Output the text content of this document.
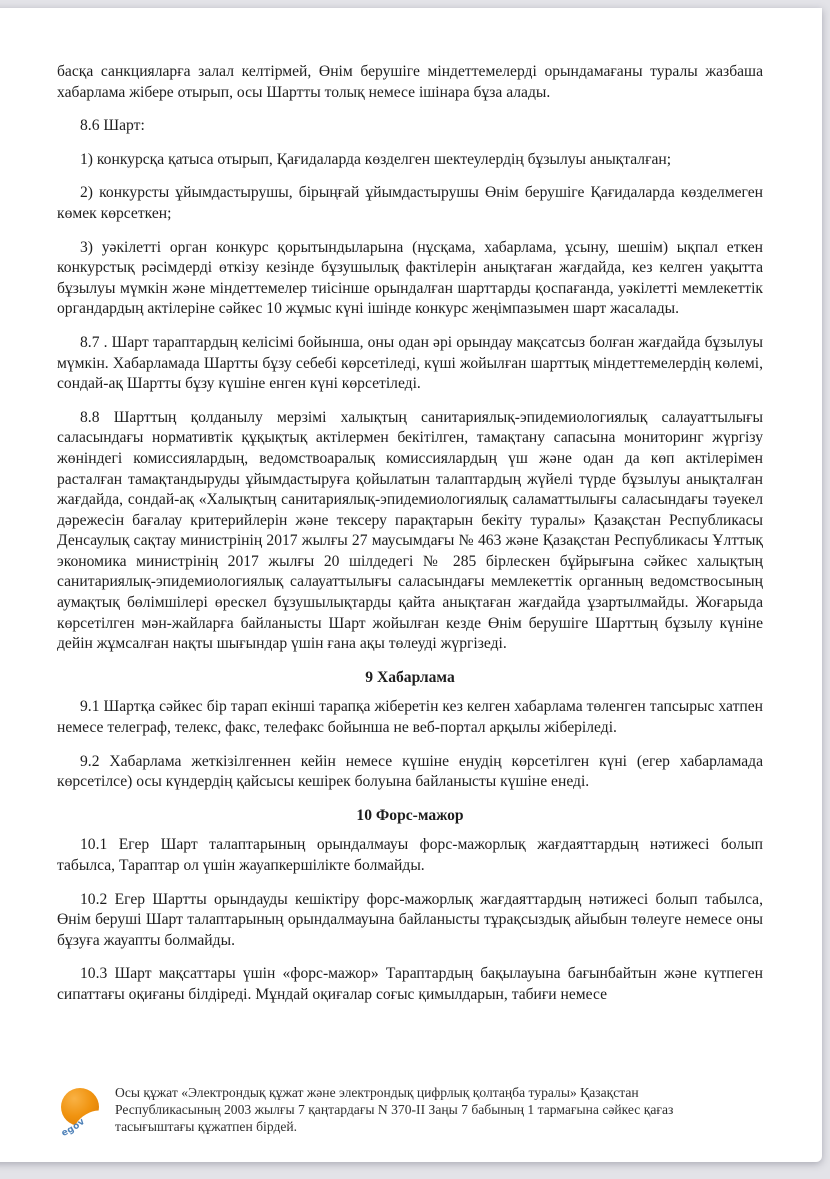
басқа санкцияларға залал келтірмей, Өнім берушіге міндеттемелерді орындамағаны туралы жазбаша хабарлама жібере отырып, осы Шартты толық немесе ішінара бұза алады.

8.6 Шарт:

1) конкурсқа қатыса отырып, Қағидаларда көзделген шектеулердің бұзылуы анықталған;

2) конкурсты ұйымдастырушы, бірыңғай ұйымдастырушы Өнім берушіге Қағидаларда көзделмеген көмек көрсеткен;

3) уәкілетті орган конкурс қорытындыларына (нұсқама, хабарлама, ұсыну, шешім) ықпал еткен конкурстық рәсімдерді өткізу кезінде бұзушылық фактілерін анықтаған жағдайда, кез келген уақытта бұзылуы мүмкін және міндеттемелер тиісінше орындалған шарттарды қоспағанда, уәкілетті мемлекеттік органдардың актілеріне сәйкес 10 жұмыс күні ішінде конкурс жеңімпазымен шарт жасалады.

8.7 . Шарт тараптардың келісімі бойынша, оны одан әрі орындау мақсатсыз болған жағдайда бұзылуы мүмкін. Хабарламада Шартты бұзу себебі көрсетіледі, күші жойылған шарттық міндеттемелердің көлемі, сондай-ақ Шартты бұзу күшіне енген күні көрсетіледі.

8.8 Шарттың қолданылу мерзімі халықтың санитариялық-эпидемиологиялық салауаттылығы саласындағы нормативтік құқықтық актілермен бекітілген, тамақтану сапасына мониторинг жүргізу жөніндегі комиссиялардың, ведомствоаралық комиссиялардың үш және одан да көп актілерімен расталған тамақтандыруды ұйымдастыруға қойылатын талаптардың жүйелі түрде бұзылуы анықталған жағдайда, сондай-ақ «Халықтың санитариялық-эпидемиологиялық саламаттылығы саласындағы тәуекел дәрежесін бағалау критерийлерін және тексеру парақтарын бекіту туралы» Қазақстан Республикасы Денсаулық сақтау министрінің 2017 жылғы 27 маусымдағы № 463 және Қазақстан Республикасы Ұлттық экономика министрінің 2017 жылғы 20 шілдедегі № 285 бірлескен бұйрығына сәйкес халықтың санитариялық-эпидемиологиялық салауаттылығы саласындағы мемлекеттік органның ведомствосының аумақтық бөлімшілері өрескел бұзушылықтарды қайта анықтаған жағдайда ұзартылмайды. Жоғарыда көрсетілген мән-жайларға байланысты Шарт жойылған кезде Өнім берушіге Шарттың бұзылу күніне дейін жұмсалған нақты шығындар үшін ғана ақы төлеуді жүргізеді.

9 Хабарлама

9.1 Шартқа сәйкес бір тарап екінші тарапқа жіберетін кез келген хабарлама төленген тапсырыс хатпен немесе телеграф, телекс, факс, телефакс бойынша не веб-портал арқылы жіберіледі.

9.2 Хабарлама жеткізілгеннен кейін немесе күшіне енудің көрсетілген күні (егер хабарламада көрсетілсе) осы күндердің қайсысы кешірек болуына байланысты күшіне енеді.

10 Форс-мажор

10.1 Егер Шарт талаптарының орындалмауы форс-мажорлық жағдаяттардың нәтижесі болып табылса, Тараптар ол үшін жауапкершілікте болмайды.

10.2 Егер Шартты орындауды кешіктіру форс-мажорлық жағдаяттардың нәтижесі болып табылса, Өнім беруші Шарт талаптарының орындалмауына байланысты тұрақсыздық айыбын төлеуге немесе оны бұзуға жауапты болмайды.

10.3 Шарт мақсаттары үшін «форс-мажор» Тараптардың бақылауына бағынбайтын және күтпеген сипаттағы оқиғаны білдіреді. Мұндай оқиғалар соғыс қимылдарын, табиғи немесе

egov
Осы құжат «Электрондық құжат және электрондық цифрлық қолтаңба туралы» Қазақстан Республикасының 2003 жылғы 7 қаңтардағы N 370-II Заңы 7 бабының 1 тармағына сәйкес қағаз тасығыштағы құжатпен бірдей.
